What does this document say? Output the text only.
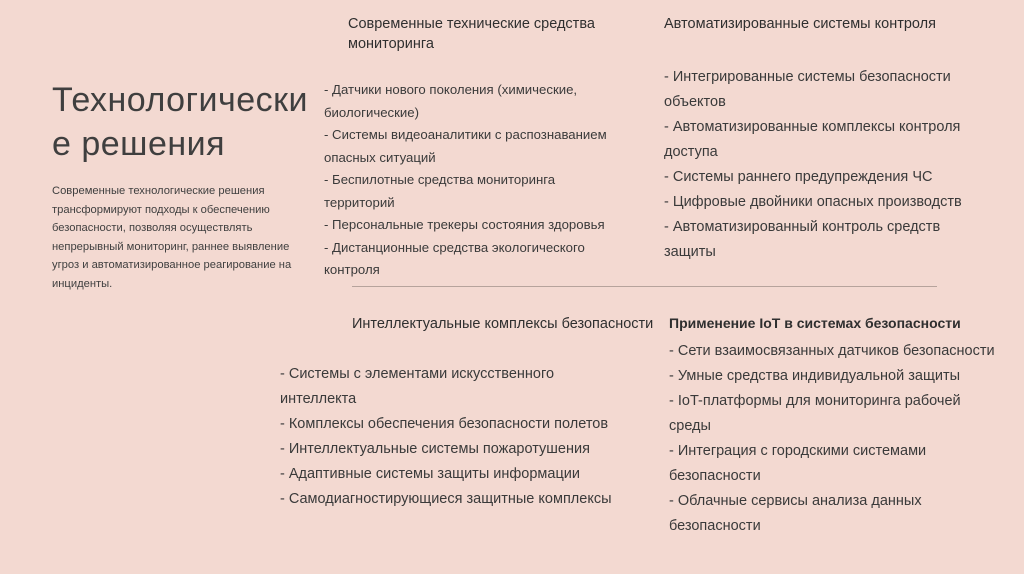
Технологически е решения

Современные технологические решения трансформируют подходы к обеспечению безопасности, позволяя осуществлять непрерывный мониторинг, раннее выявление угроз и автоматизированное реагирование на инциденты.

Современные технические средства мониторинга
- Датчики нового поколения (химические, биологические)
- Системы видеоаналитики с распознаванием опасных ситуаций
- Беспилотные средства мониторинга территорий
- Персональные трекеры состояния здоровья
- Дистанционные средства экологического контроля
Автоматизированные системы контроля
- Интегрированные системы безопасности объектов
- Автоматизированные комплексы контроля доступа
- Системы раннего предупреждения ЧС
- Цифровые двойники опасных производств
- Автоматизированный контроль средств защиты
Интеллектуальные комплексы безопасности
- Системы с элементами искусственного интеллекта
- Комплексы обеспечения безопасности полетов
- Интеллектуальные системы пожаротушения
- Адаптивные системы защиты информации
- Самодиагностирующиеся защитные комплексы
Применение IoT в системах безопасности
- Сети взаимосвязанных датчиков безопасности
- Умные средства индивидуальной защиты
- IoT-платформы для мониторинга рабочей среды
- Интеграция с городскими системами безопасности
- Облачные сервисы анализа данных безопасности
